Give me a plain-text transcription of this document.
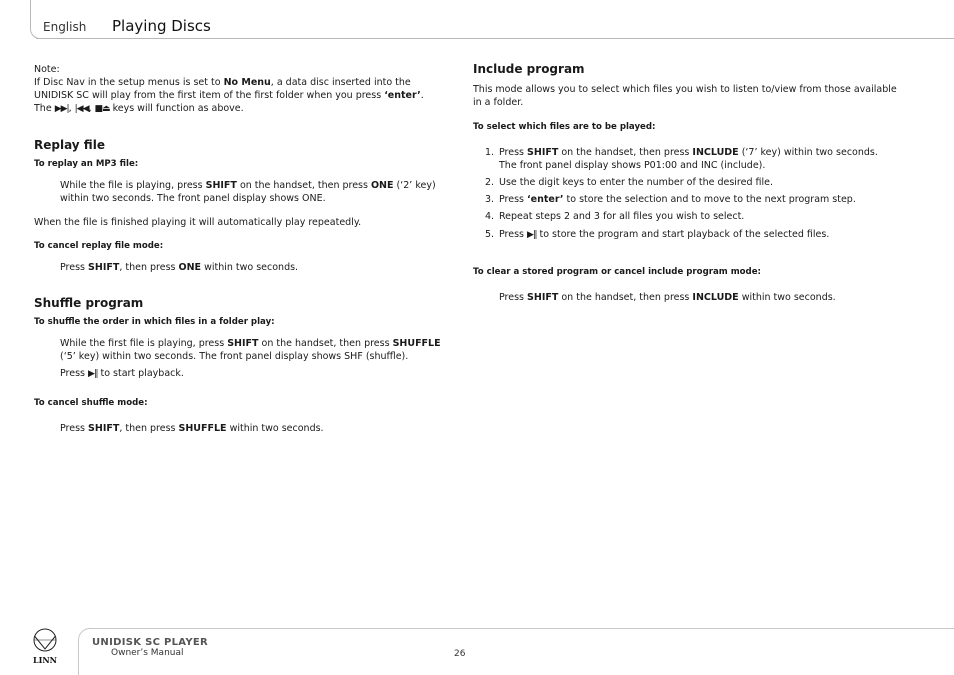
English Playing Discs

Note:

If Disc Nav in the setup menus is set to No Menu, a data disc inserted into the UNIDISK SC will play from the first item of the first folder when you press ‘enter’.

The ▶▶|, |◀◀, ■⏏ keys will function as above.

Replay file

To replay an MP3 file:

While the file is playing, press SHIFT on the handset, then press ONE (‘2’ key) within two seconds. The front panel display shows ONE.

When the file is finished playing it will automatically play repeatedly.

To cancel replay file mode:

Press SHIFT, then press ONE within two seconds.

Shuffle program

To shuffle the order in which files in a folder play:

While the first file is playing, press SHIFT on the handset, then press SHUFFLE (‘5’ key) within two seconds. The front panel display shows SHF (shuffle).

Press ▶‖ to start playback.

To cancel shuffle mode:

Press SHIFT, then press SHUFFLE within two seconds.

Include program

This mode allows you to select which files you wish to listen to/view from those available in a folder.

To select which files are to be played:

1. Press SHIFT on the handset, then press INCLUDE (‘7’ key) within two seconds.
The front panel display shows P01:00 and INC (include).
2. Use the digit keys to enter the number of the desired file.
3. Press ‘enter’ to store the selection and to move to the next program step.
4. Repeat steps 2 and 3 for all files you wish to select.
5. Press ▶‖ to store the program and start playback of the selected files.

To clear a stored program or cancel include program mode:

Press SHIFT on the handset, then press INCLUDE within two seconds.

LINN
UNIDISK SC PLAYER
Owner’s Manual	26
